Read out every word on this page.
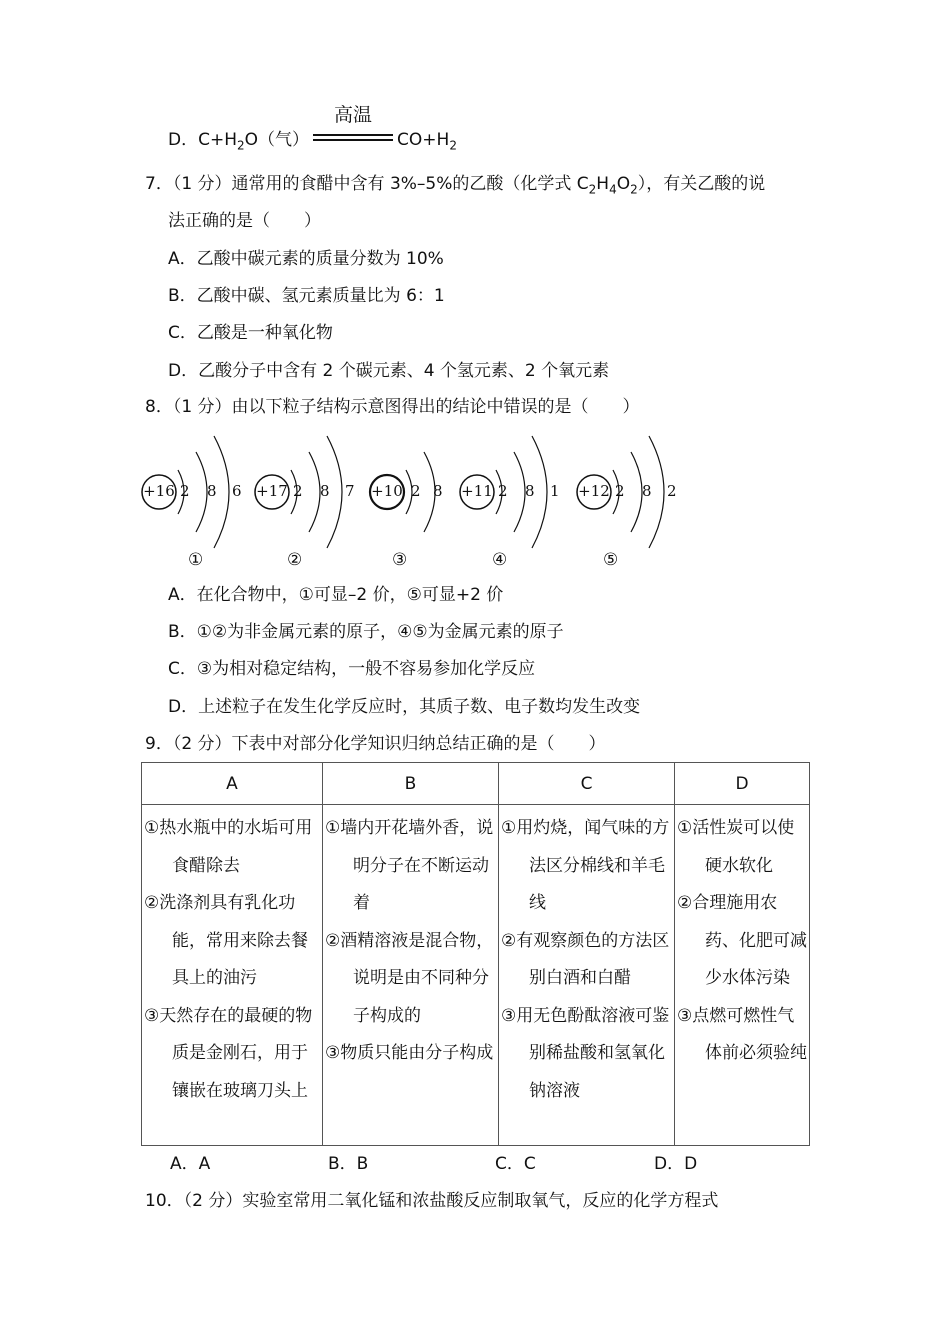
D．$C+H_2O$（气）
高温
$CO+H_2$
7．（1 分）通常用的食醋中含有 3%–5%的乙酸（化学式 $C_2H_4O_2$），有关乙酸的说
法正确的是（　　）
A．乙酸中碳元素的质量分数为 10%
B．乙酸中碳、氢元素质量比为 6：1
C．乙酸是一种氧化物
D．乙酸分子中含有 2 个碳元素、4 个氢元素、2 个氧元素
8．（1 分）由以下粒子结构示意图得出的结论中错误的是（　　）
+16 2 8 6
①
+17 2 8 7
②
+10 2 8
③
+11 2 8 1
④
+12 2 8 2
⑤
A．在化合物中，①可显–2 价，⑤可显+2 价
B．①②为非金属元素的原子，④⑤为金属元素的原子
C．③为相对稳定结构，一般不容易参加化学反应
D．上述粒子在发生化学反应时，其质子数、电子数均发生改变
9．（2 分）下表中对部分化学知识归纳总结正确的是（　　）
A	B	C	D

①热水瓶中的水垢可用食醋除去
②洗涤剂具有乳化功能，常用来除去餐具上的油污
③天然存在的最硬的物质是金刚石，用于镶嵌在玻璃刀头上	①墙内开花墙外香，说明分子在不断运动着
②酒精溶液是混合物，说明是由不同种分子构成的
③物质只能由分子构成	①用灼烧，闻气味的方法区分棉线和羊毛线
②有观察颜色的方法区别白酒和白醋
③用无色酚酞溶液可鉴别稀盐酸和氢氧化钠溶液	①活性炭可以使硬水软化
②合理施用农药、化肥可减少水体污染
③点燃可燃性气体前必须验纯
A．A	B．B	C．C	D．D
10．（2 分）实验室常用二氧化锰和浓盐酸反应制取氧气，反应的化学方程式
